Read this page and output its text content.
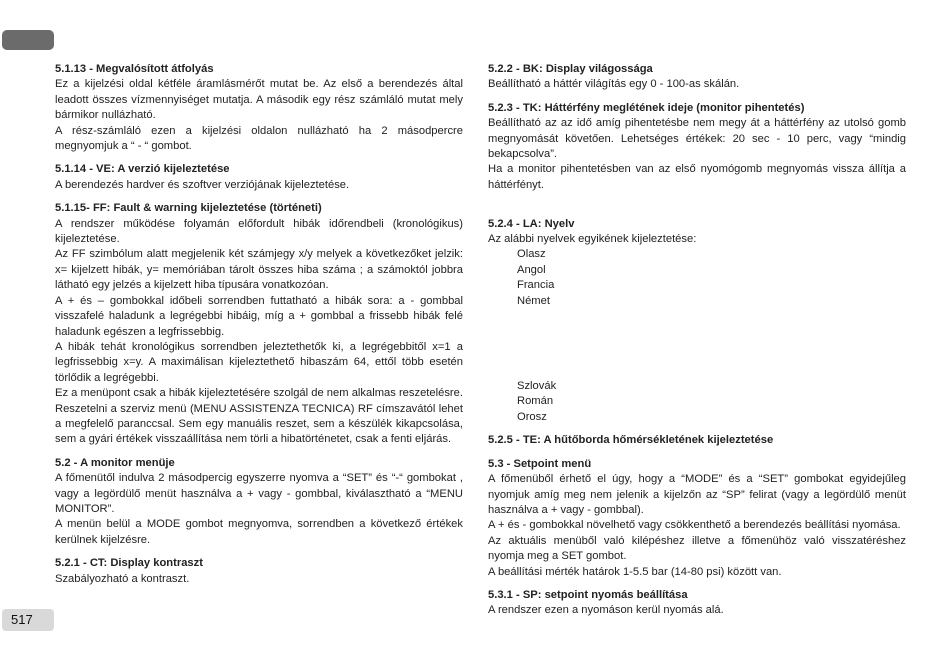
5.1.13 - Megvalósított átfolyás

Ez a kijelzési oldal kétféle áramlásmérőt mutat be. Az első a berendezés által leadott összes vízmennyiséget mutatja. A második egy rész számláló mutat mely bármikor nullázható.

A rész-számláló ezen a kijelzési oldalon nullázható ha 2 másodpercre megnyomjuk a “ - “ gombot.

5.1.14 - VE: A verzió kijeleztetése

A berendezés hardver és szoftver verziójának kijeleztetése.

5.1.15- FF: Fault & warning kijeleztetése (történeti)

A rendszer működése folyamán előfordult hibák időrendbeli (kronológikus) kijeleztetése.

Az FF szimbólum alatt megjelenik két számjegy x/y melyek a következőket jelzik: x= kijelzett hibák, y= memóriában tárolt összes hiba száma ; a számoktól jobbra látható egy jelzés a kijelzett hiba típusára vonatkozóan.

A + és – gombokkal időbeli sorrendben futtatható a hibák sora: a - gombbal visszafelé haladunk a legrégebbi hibáig, míg a + gombbal a frissebb hibák felé haladunk egészen a legfrissebbig.

A hibák tehát kronológikus sorrendben jeleztethetők ki, a legrégebbitől x=1 a legfrissebbig x=y. A maximálisan kijeleztethető hibaszám 64, ettől több esetén törlődik a legrégebbi.

Ez a menüpont csak a hibák kijeleztetésére szolgál de nem alkalmas reszetelésre. Reszetelni a szerviz menü (MENU ASSISTENZA TECNICA) RF címszavától lehet a megfelelő paranccsal. Sem egy manuális reszet, sem a készülék kikapcsolása, sem a gyári értékek visszaállítása nem törli a hibatörténetet, csak a fenti eljárás.

5.2 - A monitor menüje

A főmenütől indulva 2 másodpercig egyszerre nyomva a “SET” és “-“ gombokat , vagy a legördülő menüt használva a + vagy - gombbal, kiválasztható a “MENU MONITOR”.

A menün belül a MODE gombot megnyomva, sorrendben a következő értékek kerülnek kijelzésre.

5.2.1 - CT: Display kontraszt

Szabályozható a kontraszt.

5.2.2 - BK: Display világossága

Beállítható a háttér világítás egy 0 - 100-as skálán.

5.2.3 - TK: Háttérfény meglétének ideje (monitor pihentetés)

Beállítható az az idő amíg pihentetésbe nem megy át a háttérfény az utolsó gomb megnyomását követően. Lehetséges értékek: 20 sec - 10 perc, vagy “mindig bekapcsolva”.

Ha a monitor pihentetésben van az első nyomógomb megnyomás vissza állítja a háttérfényt.

5.2.4 - LA: Nyelv

Az alábbi nyelvek egyikének kijeleztetése:

Olasz

Angol

Francia

Német

Szlovák

Román

Orosz

5.2.5 - TE: A hűtőborda hőmérsékletének kijeleztetése

5.3 - Setpoint menü

A főmenüből érhető el úgy, hogy a “MODE” és a “SET” gombokat egyidejűleg nyomjuk amíg meg nem jelenik a kijelzőn az “SP” felirat (vagy a legördülő menüt használva a + vagy - gombbal).

A + és - gombokkal növelhető vagy csökkenthető a berendezés beállítási nyomása.

Az aktuális menüből való kilépéshez illetve a főmenühöz való visszatéréshez nyomja meg a SET gombot.

A beállítási mérték határok 1-5.5 bar (14-80 psi) között van.

5.3.1 - SP: setpoint nyomás beállítása

A rendszer ezen a nyomáson kerül nyomás alá.

517
